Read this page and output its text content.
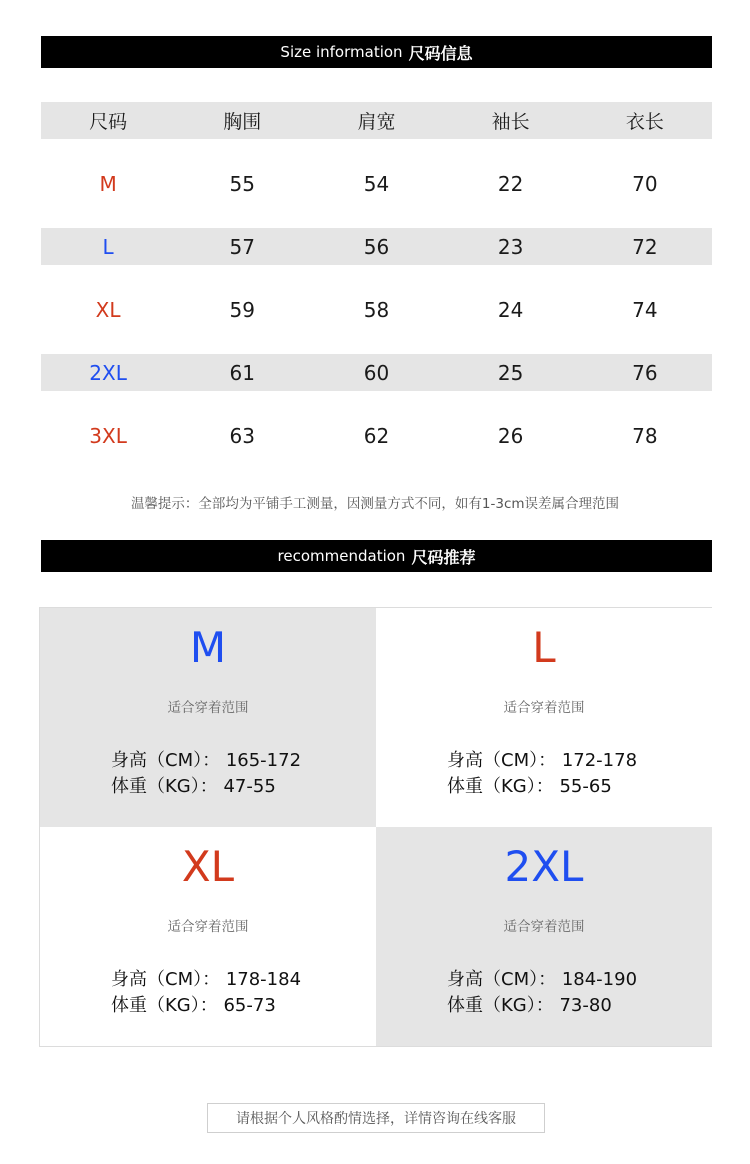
Size information 尺码信息
尺码	胸围	肩宽	袖长	衣长
M	55	54	22	70
L	57	56	23	72
XL	59	58	24	74
2XL	61	60	25	76
3XL	63	62	26	78
温馨提示：全部均为平铺手工测量，因测量方式不同，如有1-3cm误差属合理范围
recommendation 尺码推荐
M
适合穿着范围
身高（CM）： 165-172
体重（KG）： 47-55
L
适合穿着范围
身高（CM）： 172-178
体重（KG）： 55-65
XL
适合穿着范围
身高（CM）： 178-184
体重（KG）： 65-73
2XL
适合穿着范围
身高（CM）： 184-190
体重（KG）： 73-80
请根据个人风格酌情选择，详情咨询在线客服
